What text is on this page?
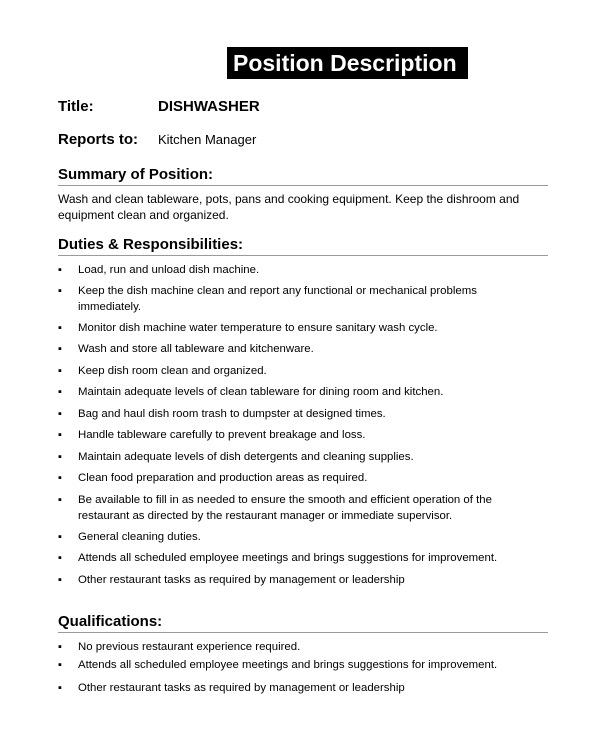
Position Description
Title:	DISHWASHER
Reports to: Kitchen Manager
Summary of Position:
Wash and clean tableware, pots, pans and cooking equipment. Keep the dishroom and equipment clean and organized.
Duties & Responsibilities:
▪	Load, run and unload dish machine.
▪	Keep the dish machine clean and report any functional or mechanical problems immediately.
▪	Monitor dish machine water temperature to ensure sanitary wash cycle.
▪	Wash and store all tableware and kitchenware.
▪	Keep dish room clean and organized.
▪	Maintain adequate levels of clean tableware for dining room and kitchen.
▪	Bag and haul dish room trash to dumpster at designed times.
▪	Handle tableware carefully to prevent breakage and loss.
▪	Maintain adequate levels of dish detergents and cleaning supplies.
▪	Clean food preparation and production areas as required.
▪	Be available to fill in as needed to ensure the smooth and efficient operation of the restaurant as directed by the restaurant manager or immediate supervisor.
▪	General cleaning duties.
▪	Attends all scheduled employee meetings and brings suggestions for improvement.
▪	Other restaurant tasks as required by management or leadership
Qualifications:
▪	No previous restaurant experience required.
▪	Attends all scheduled employee meetings and brings suggestions for improvement.
▪	Other restaurant tasks as required by management or leadership
